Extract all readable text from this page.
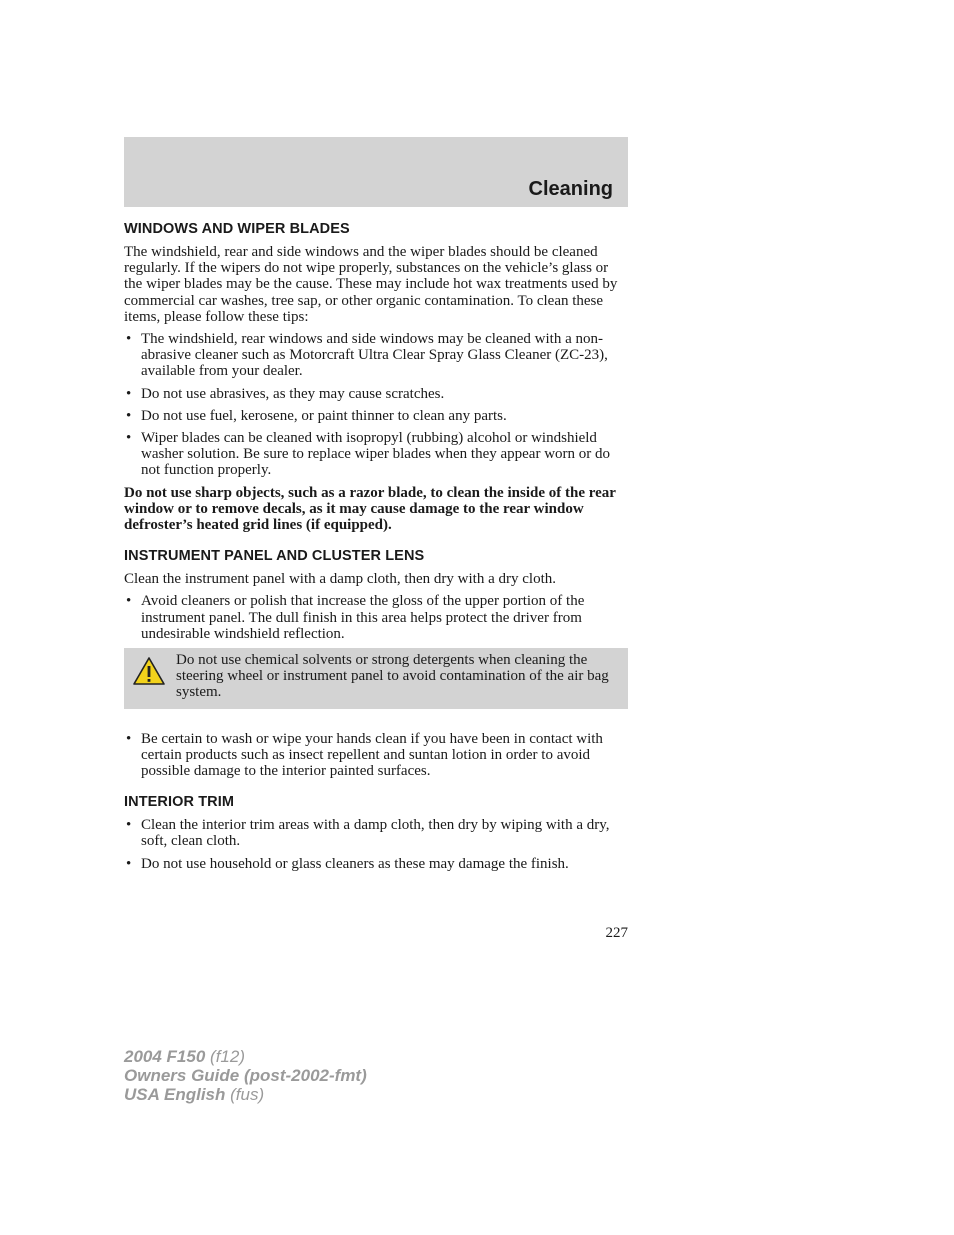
Cleaning
WINDOWS AND WIPER BLADES

The windshield, rear and side windows and the wiper blades should be cleaned regularly. If the wipers do not wipe properly, substances on the vehicle’s glass or the wiper blades may be the cause. These may include hot wax treatments used by commercial car washes, tree sap, or other organic contamination. To clean these items, please follow these tips:

• The windshield, rear windows and side windows may be cleaned with a non-abrasive cleaner such as Motorcraft Ultra Clear Spray Glass Cleaner (ZC-23), available from your dealer.
• Do not use abrasives, as they may cause scratches.
• Do not use fuel, kerosene, or paint thinner to clean any parts.
• Wiper blades can be cleaned with isopropyl (rubbing) alcohol or windshield washer solution. Be sure to replace wiper blades when they appear worn or do not function properly.

Do not use sharp objects, such as a razor blade, to clean the inside of the rear window or to remove decals, as it may cause damage to the rear window defroster’s heated grid lines (if equipped).

INSTRUMENT PANEL AND CLUSTER LENS

Clean the instrument panel with a damp cloth, then dry with a dry cloth.

• Avoid cleaners or polish that increase the gloss of the upper portion of the instrument panel. The dull finish in this area helps protect the driver from undesirable windshield reflection.
Do not use chemical solvents or strong detergents when cleaning the steering wheel or instrument panel to avoid contamination of the air bag system.
• Be certain to wash or wipe your hands clean if you have been in contact with certain products such as insect repellent and suntan lotion in order to avoid possible damage to the interior painted surfaces.
INTERIOR TRIM
• Clean the interior trim areas with a damp cloth, then dry by wiping with a dry, soft, clean cloth.
• Do not use household or glass cleaners as these may damage the finish.
227
2004 F150 (f12)
Owners Guide (post-2002-fmt)
USA English (fus)
